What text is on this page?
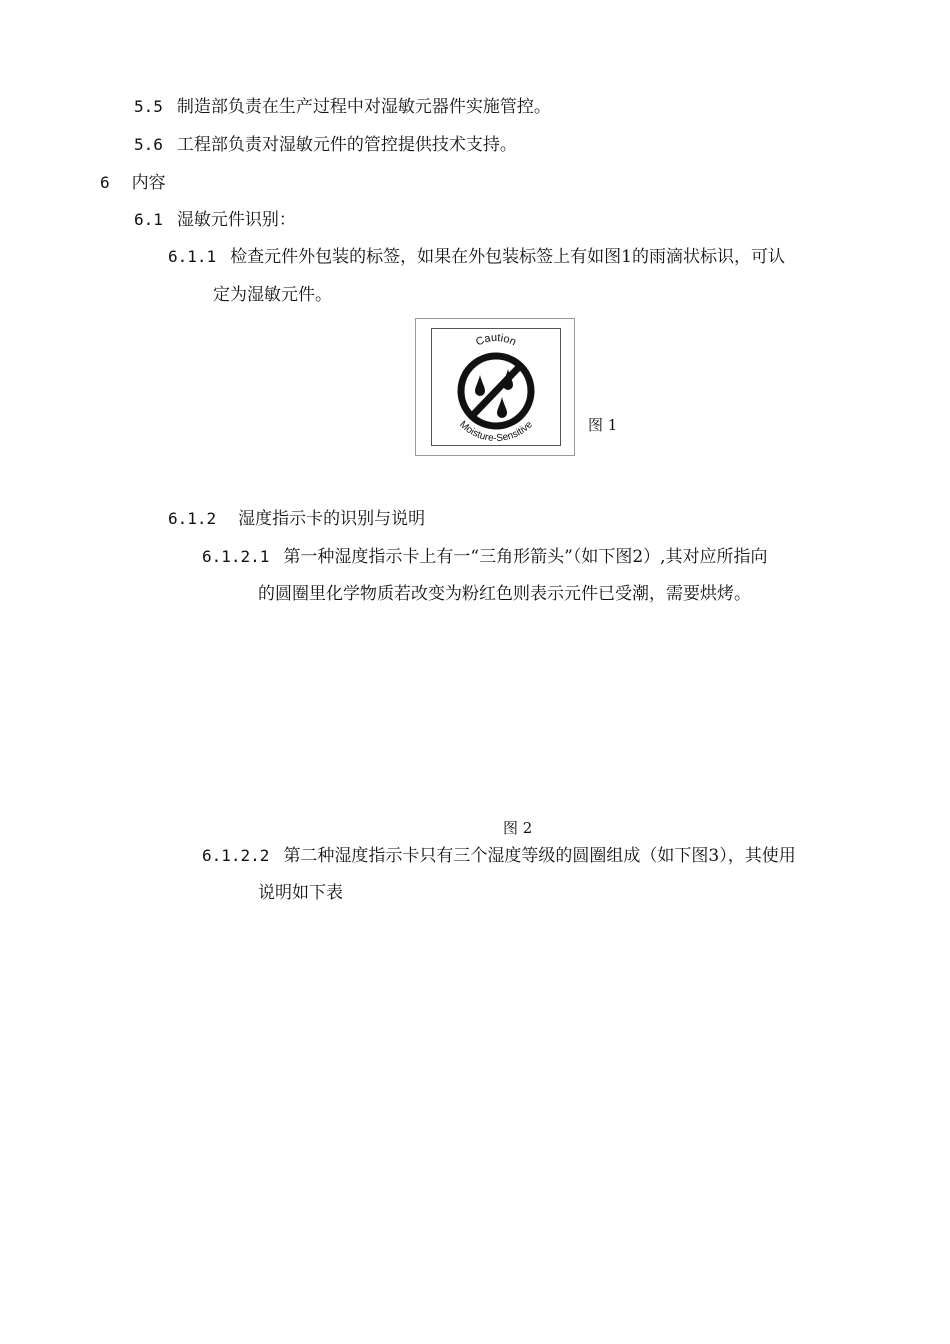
5.5 制造部负责在生产过程中对湿敏元器件实施管控。
5.6 工程部负责对湿敏元件的管控提供技术支持。
6 内容
6.1 湿敏元件识别：
6.1.1 检查元件外包装的标签，如果在外包装标签上有如图1的雨滴状标识，可认
定为湿敏元件。
Caution
Moisture-Sensitive	图 1
6.1.2 湿度指示卡的识别与说明
6.1.2.1 第一种湿度指示卡上有一“三角形箭头”（如下图2）,其对应所指向
的圆圈里化学物质若改变为粉红色则表示元件已受潮，需要烘烤。
图 2
6.1.2.2 第二种湿度指示卡只有三个湿度等级的圆圈组成（如下图3），其使用
说明如下表
